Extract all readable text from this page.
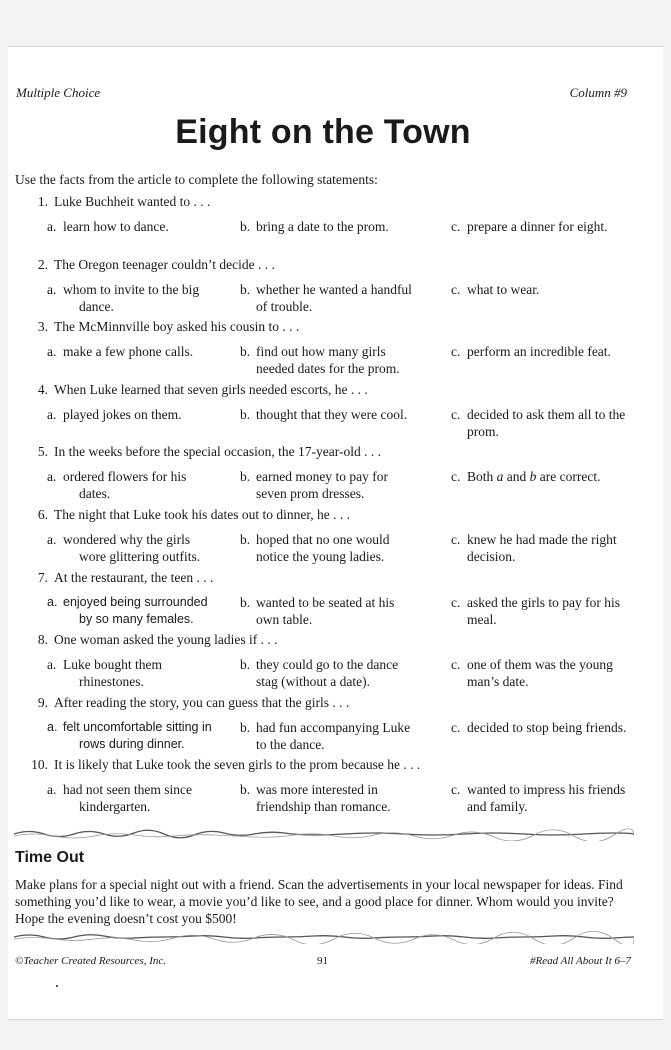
Multiple Choice	Column #9
Eight on the Town
Use the facts from the article to complete the following statements:
1. Luke Buchheit wanted to . . .
a. learn how to dance.	b. bring a date to the prom.	c. prepare a dinner for eight.
2. The Oregon teenager couldn’t decide . . .
a. whom to invite to the big dance.
b. whether he wanted a handful of trouble.
c. what to wear.
3. The McMinnville boy asked his cousin to . . .
a. make a few phone calls.	b. find out how many girls needed dates for the prom.
c. perform an incredible feat.
4. When Luke learned that seven girls needed escorts, he . . .
a. played jokes on them.	b. thought that they were cool.	c. decided to ask them all to the prom.
5. In the weeks before the special occasion, the 17-year-old . . .
a. ordered flowers for his dates.
b. earned money to pay for seven prom dresses.
c. Both a and b are correct.
6. The night that Luke took his dates out to dinner, he . . .
a. wondered why the girls wore glittering outfits.
b. hoped that no one would notice the young ladies.
c. knew he had made the right decision.
7. At the restaurant, the teen . . .
a. enjoyed being surrounded by so many females.
b. wanted to be seated at his own table.
c. asked the girls to pay for his meal.
8. One woman asked the young ladies if . . .
a. Luke bought them rhinestones.
b. they could go to the dance stag (without a date).
c. one of them was the young man’s date.
9. After reading the story, you can guess that the girls . . .
a. felt uncomfortable sitting in rows during dinner.
b. had fun accompanying Luke to the dance.
c. decided to stop being friends.
10. It is likely that Luke took the seven girls to the prom because he . . .
a. had not seen them since kindergarten.
b. was more interested in friendship than romance.
c. wanted to impress his friends and family.
Time Out
Make plans for a special night out with a friend. Scan the advertisements in your local newspaper for ideas. Find something you’d like to wear, a movie you’d like to see, and a good place for dinner. Whom would you invite? Hope the evening doesn’t cost you $500!
©Teacher Created Resources, Inc.	91	#Read All About It 6–7
